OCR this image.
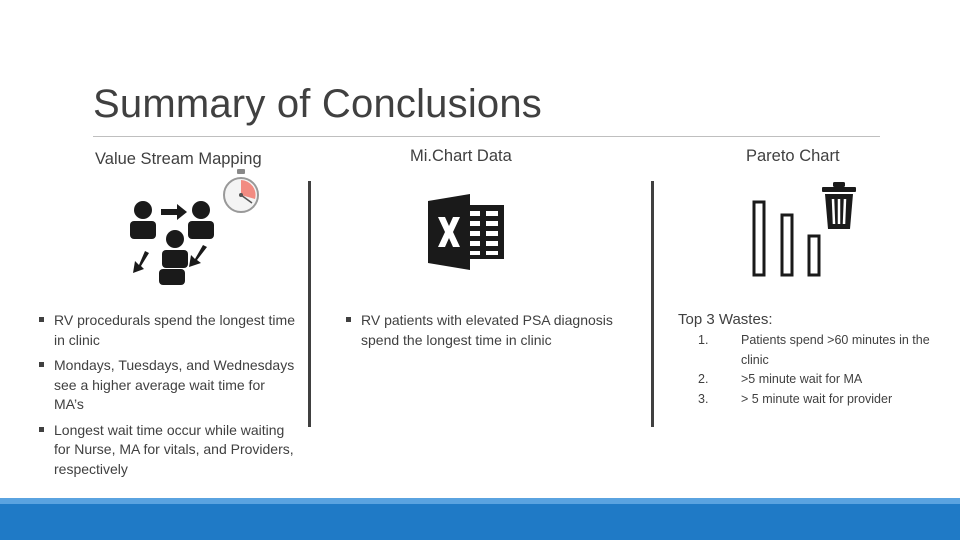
Summary of Conclusions
Value Stream Mapping
RV procedurals spend the longest time in clinic
Mondays, Tuesdays, and Wednesdays see a higher average wait time for MA’s
Longest wait time occur while waiting for Nurse, MA for vitals, and Providers, respectively
Mi.Chart Data
RV patients with elevated PSA diagnosis spend the longest time in clinic
Pareto Chart
Top 3 Wastes:
1.	Patients spend >60 minutes in the clinic
2.	>5 minute wait for MA
3.	> 5 minute wait for provider
